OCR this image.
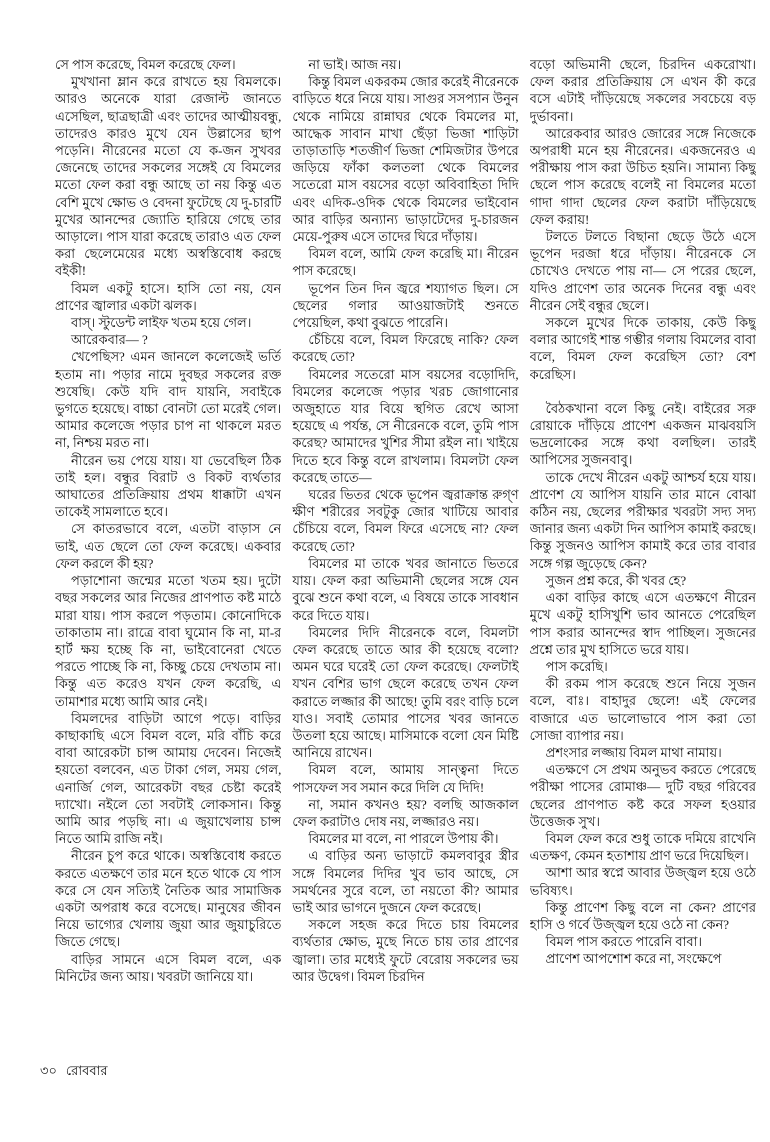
সে পাস করেছে, বিমল করেছে ফেল।

মুখখানা ম্লান করে রাখতে হয় বিমলকে। আরও অনেকে যারা রেজাল্ট জানতে এসেছিল, ছাত্রছাত্রী এবং তাদের আত্মীয়বন্ধু, তাদেরও কারও মুখে যেন উল্লাসের ছাপ পড়েনি। নীরেনের মতো যে ক-জন সুখবর জেনেছে তাদের সকলের সঙ্গেই যে বিমলের মতো ফেল করা বন্ধু আছে তা নয় কিন্তু এত বেশি মুখে ক্ষোভ ও বেদনা ফুটেছে যে দু-চারটি মুখের আনন্দের জ্যোতি হারিয়ে গেছে তার আড়ালে। পাস যারা করেছে তারাও এত ফেল করা ছেলেমেয়ের মধ্যে অস্বস্তিবোধ করছে বইকী!

বিমল একটু হাসে। হাসি তো নয়, যেন প্রাণের জ্বালার একটা ঝলক।

বাস্‌। স্টুডেন্ট লাইফ খতম হয়ে গেল।

আরেকবার— ?

খেপেছিস? এমন জানলে কলেজেই ভর্তি হতাম না। পড়ার নামে দুবছর সকলের রক্ত শুষেছি। কেউ যদি বাদ যায়নি, সবাইকে ভুগতে হয়েছে। বাচ্চা বোনটা তো মরেই গেল। আমার কলেজে পড়ার চাপ না থাকলে মরত না, নিশ্চয় মরত না।

নীরেন ভয় পেয়ে যায়। যা ভেবেছিল ঠিক তাই হল। বন্ধুর বিরাট ও বিকট ব্যর্থতার আঘাতের প্রতিক্রিয়ায় প্রথম ধাক্কাটা এখন তাকেই সামলাতে হবে।

সে কাতরভাবে বলে, এতটা বাড়াস নে ভাই, এত ছেলে তো ফেল করেছে। একবার ফেল করলে কী হয়?

পড়াশোনা জন্মের মতো খতম হয়। দুটো বছর সকলের আর নিজের প্রাণপাত কষ্ট মাঠে মারা যায়। পাস করলে পড়তাম। কোনোদিকে তাকাতাম না। রাত্রে বাবা ঘুমোন কি না, মা-র হার্ট ক্ষয় হচ্ছে কি না, ভাইবোনেরা খেতে পরতে পাচ্ছে কি না, কিচ্ছু চেয়ে দেখতাম না। কিন্তু এত করেও যখন ফেল করেছি, এ তামাশার মধ্যে আমি আর নেই।

বিমলদের বাড়িটা আগে পড়ে। বাড়ির কাছাকাছি এসে বিমল বলে, মরি বাঁচি করে বাবা আরেকটা চান্স আমায় দেবেন। নিজেই হয়তো বলবেন, এত টাকা গেল, সময় গেল, এনার্জি গেল, আরেকটা বছর চেষ্টা করেই দ্যাখো। নইলে তো সবটাই লোকসান। কিন্তু আমি আর পড়ছি না। এ জুয়াখেলায় চান্স নিতে আমি রাজি নই।

নীরেন চুপ করে থাকে। অস্বস্তিবোধ করতে করতে এতক্ষণে তার মনে হতে থাকে যে পাস করে সে যেন সত্যিই নৈতিক আর সামাজিক একটা অপরাধ করে বসেছে। মানুষের জীবন নিয়ে ভাগ্যের খেলায় জুয়া আর জুয়াচুরিতে জিতে গেছে।

বাড়ির সামনে এসে বিমল বলে, এক মিনিটের জন্য আয়। খবরটা জানিয়ে যা।

না ভাই। আজ নয়।

কিন্তু বিমল একরকম জোর করেই নীরেনকে বাড়িতে ধরে নিয়ে যায়। সাগুর সসপ্যান উনুন থেকে নামিয়ে রান্নাঘর থেকে বিমলের মা, আদ্ধেক সাবান মাখা ছেঁড়া ভিজা শাড়িটা তাড়াতাড়ি শতজীর্ণ ভিজা শেমিজটার উপরে জড়িয়ে ফাঁকা কলতলা থেকে বিমলের সতেরো মাস বয়সের বড়ো অবিবাহিতা দিদি এবং এদিক-ওদিক থেকে বিমলের ভাইবোন আর বাড়ির অন্যান্য ভাড়াটেদের দু-চারজন মেয়ে-পুরুষ এসে তাদের ঘিরে দাঁড়ায়।

বিমল বলে, আমি ফেল করেছি মা। নীরেন পাস করেছে।

ভূপেন তিন দিন জ্বরে শয্যাগত ছিল। সে ছেলের গলার আওয়াজটাই শুনতে পেয়েছিল, কথা বুঝতে পারেনি।

চেঁচিয়ে বলে, বিমল ফিরেছে নাকি? ফেল করেছে তো?

বিমলের সতেরো মাস বয়সের বড়োদিদি, বিমলের কলেজে পড়ার খরচ জোগানোর অজুহাতে যার বিয়ে স্থগিত রেখে আসা হয়েছে এ পর্যন্ত, সে নীরেনকে বলে, তুমি পাস করেছ? আমাদের খুশির সীমা রইল না। খাইয়ে দিতে হবে কিন্তু বলে রাখলাম। বিমলটা ফেল করেছে তাতে—

ঘরের ভিতর থেকে ভূপেন জ্বরাক্রান্ত রুগ্ণ ক্ষীণ শরীরের সবটুকু জোর খাটিয়ে আবার চেঁচিয়ে বলে, বিমল ফিরে এসেছে না? ফেল করেছে তো?

বিমলের মা তাকে খবর জানাতে ভিতরে যায়। ফেল করা অভিমানী ছেলের সঙ্গে যেন বুঝে শুনে কথা বলে, এ বিষয়ে তাকে সাবধান করে দিতে যায়।

বিমলের দিদি নীরেনকে বলে, বিমলটা ফেল করেছে তাতে আর কী হয়েছে বলো? অমন ঘরে ঘরেই তো ফেল করেছে। ফেলটাই যখন বেশির ভাগ ছেলে করেছে তখন ফেল করাতে লজ্জার কী আছে! তুমি বরং বাড়ি চলে যাও। সবাই তোমার পাসের খবর জানতে উতলা হয়ে আছে। মাসিমাকে বলো যেন মিষ্টি আনিয়ে রাখেন।

বিমল বলে, আমায় সান্ত্বনা দিতে পাসফেল সব সমান করে দিলি যে দিদি!

না, সমান কখনও হয়? বলছি আজকাল ফেল করাটাও দোষ নয়, লজ্জারও নয়।

বিমলের মা বলে, না পারলে উপায় কী।

এ বাড়ির অন্য ভাড়াটে কমলবাবুর স্ত্রীর সঙ্গে বিমলের দিদির খুব ভাব আছে, সে সমর্থনের সুরে বলে, তা নয়তো কী? আমার ভাই আর ভাগনে দুজনে ফেল করেছে।

সকলে সহজ করে দিতে চায় বিমলের ব্যর্থতার ক্ষোভ, মুছে নিতে চায় তার প্রাণের জ্বালা। তার মধ্যেই ফুটে বেরোয় সকলের ভয় আর উদ্বেগ। বিমল চিরদিন

বড়ো অভিমানী ছেলে, চিরদিন একরোখা। ফেল করার প্রতিক্রিয়ায় সে এখন কী করে বসে এটাই দাঁড়িয়েছে সকলের সবচেয়ে বড় দুর্ভাবনা।

আরেকবার আরও জোরের সঙ্গে নিজেকে অপরাধী মনে হয় নীরেনের। একজনেরও এ পরীক্ষায় পাস করা উচিত হয়নি। সামান্য কিছু ছেলে পাস করেছে বলেই না বিমলের মতো গাদা গাদা ছেলের ফেল করাটা দাঁড়িয়েছে ফেল করায়!

টলতে টলতে বিছানা ছেড়ে উঠে এসে ভূপেন দরজা ধরে দাঁড়ায়। নীরেনকে সে চোখেও দেখতে পায় না— সে পরের ছেলে, যদিও প্রাণেশ তার অনেক দিনের বন্ধু এবং নীরেন সেই বন্ধুর ছেলে।

সকলে মুখের দিকে তাকায়, কেউ কিছু বলার আগেই শান্ত গম্ভীর গলায় বিমলের বাবা বলে, বিমল ফেল করেছিস তো? বেশ করেছিস।

বৈঠকখানা বলে কিছু নেই। বাইরের সরু রোয়াকে দাঁড়িয়ে প্রাণেশ একজন মাঝবয়সি ভদ্রলোকের সঙ্গে কথা বলছিল। তারই আপিসের সুজনবাবু।

তাকে দেখে নীরেন একটু আশ্চর্য হয়ে যায়। প্রাণেশ যে আপিস যায়নি তার মানে বোঝা কঠিন নয়, ছেলের পরীক্ষার খবরটা সদ্য সদ্য জানার জন্য একটা দিন আপিস কামাই করছে। কিন্তু সুজনও আপিস কামাই করে তার বাবার সঙ্গে গল্প জুড়েছে কেন?

সুজন প্রশ্ন করে, কী খবর হে?

একা বাড়ির কাছে এসে এতক্ষণে নীরেন মুখে একটু হাসিখুশি ভাব আনতে পেরেছিল পাস করার আনন্দের স্বাদ পাচ্ছিল। সুজনের প্রশ্নে তার মুখ হাসিতে ভরে যায়।

পাস করেছি।

কী রকম পাস করেছে শুনে নিয়ে সুজন বলে, বাঃ। বাহাদুর ছেলে! এই ফেলের বাজারে এত ভালোভাবে পাস করা তো সোজা ব্যাপার নয়।

প্রশংসার লজ্জায় বিমল মাথা নামায়।

এতক্ষণে সে প্রথম অনুভব করতে পেরেছে পরীক্ষা পাসের রোমাঞ্চ— দুটি বছর গরিবের ছেলের প্রাণপাত কষ্ট করে সফল হওয়ার উত্তেজক সুখ।

বিমল ফেল করে শুধু তাকে দমিয়ে রাখেনি এতক্ষণ, কেমন হতাশায় প্রাণ ভরে দিয়েছিল।

আশা আর স্বপ্নে আবার উজ্জ্বল হয়ে ওঠে ভবিষ্যৎ।

কিন্তু প্রাণেশ কিছু বলে না কেন? প্রাণের হাসি ও গর্বে উজ্জ্বল হয়ে ওঠে না কেন?

বিমল পাস করতে পারেনি বাবা।

প্রাণেশ আপশোশ করে না, সংক্ষেপে

৩০ রোববার
